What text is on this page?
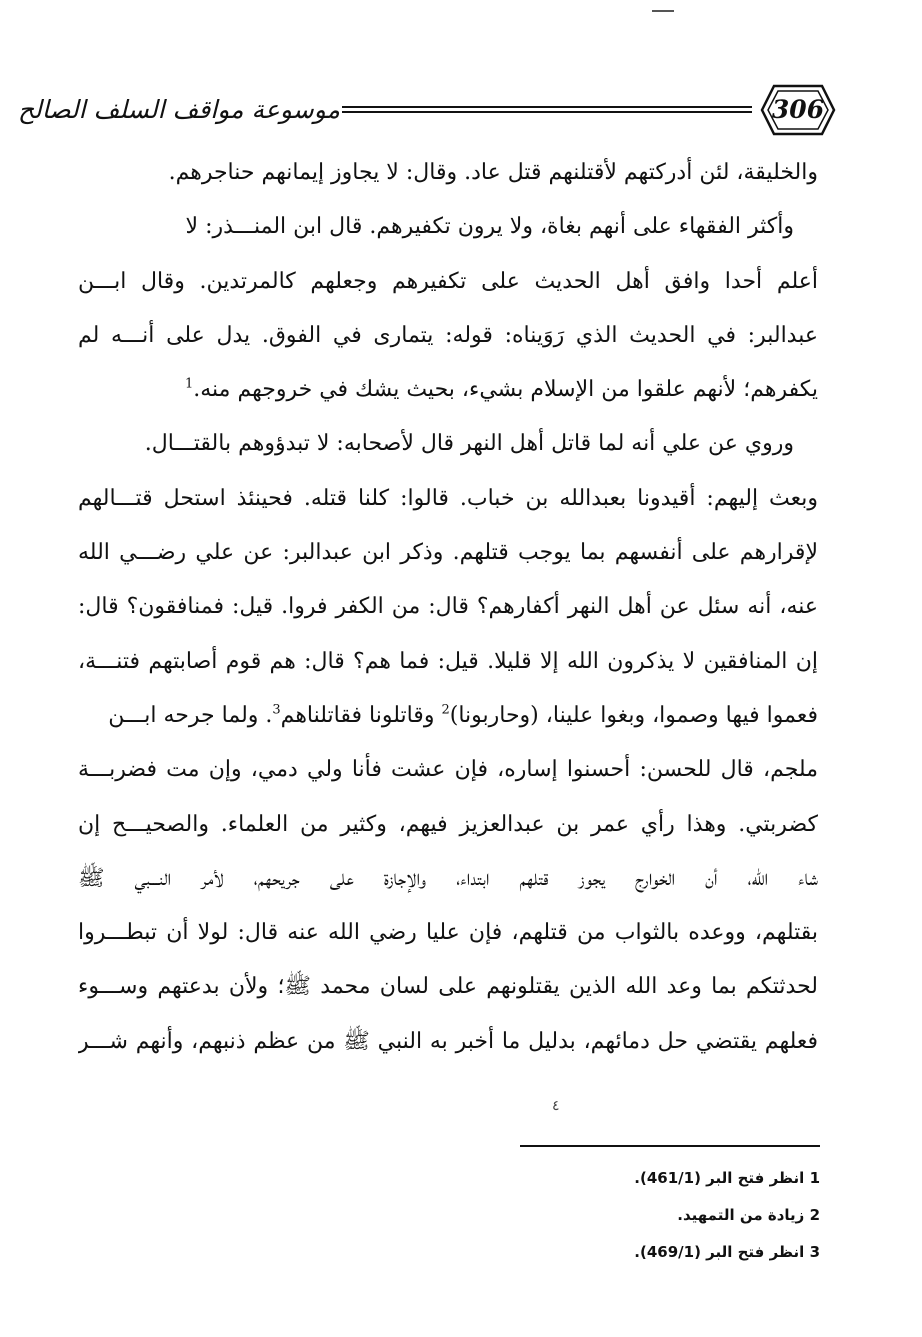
موسوعة مواقف السلف الصالح	306
والخليقة، لئن أدركتهم لأقتلنهم قتل عاد. وقال: لا يجاوز إيمانهم حناجرهم.
وأكثر الفقهاء على أنهم بغاة، ولا يرون تكفيرهم. قال ابن المنـــذر: لا
أعلم أحدا وافق أهل الحديث على تكفيرهم وجعلهم كالمرتدين. وقال ابـــن
عبدالبر: في الحديث الذي رَوَيناه: قوله: يتمارى في الفوق. يدل على أنـــه لم
يكفرهم؛ لأنهم علقوا من الإسلام بشيء، بحيث يشك في خروجهم منه.$^1$
وروي عن علي أنه لما قاتل أهل النهر قال لأصحابه: لا تبدؤوهم بالقتـــال.
وبعث إليهم: أقيدونا بعبدالله بن خباب. قالوا: كلنا قتله. فحينئذ استحل قتـــالهم
لإقرارهم على أنفسهم بما يوجب قتلهم. وذكر ابن عبدالبر: عن علي رضـــي الله
عنه، أنه سئل عن أهل النهر أكفارهم؟ قال: من الكفر فروا. قيل: فمنافقون؟ قال:
إن المنافقين لا يذكرون الله إلا قليلا. قيل: فما هم؟ قال: هم قوم أصابتهم فتنـــة،
فعموا فيها وصموا، وبغوا علينا، (وحاربونا)$^2$ وقاتلونا فقاتلناهم$^3$. ولما جرحه ابـــن
ملجم، قال للحسن: أحسنوا إساره، فإن عشت فأنا ولي دمي، وإن مت فضربـــة
كضربتي. وهذا رأي عمر بن عبدالعزيز فيهم، وكثير من العلماء. والصحيـــح إن
شاء الله، أن الخوارج يجوز قتلهم ابتداء، والإجازة على جريحهم، لأمر النـــبي ﷺ
بقتلهم، ووعده بالثواب من قتلهم، فإن عليا رضي الله عنه قال: لولا أن تبطـــروا
لحدثتكم بما وعد الله الذين يقتلونهم على لسان محمد ﷺ؛ ولأن بدعتهم وســـوء
فعلهم يقتضي حل دمائهم، بدليل ما أخبر به النبي ﷺ من عظم ذنبهم، وأنهم شـــر
٤
1 انظر فتح البر (461/1).
2 زيادة من التمهيد.
3 انظر فتح البر (469/1).
